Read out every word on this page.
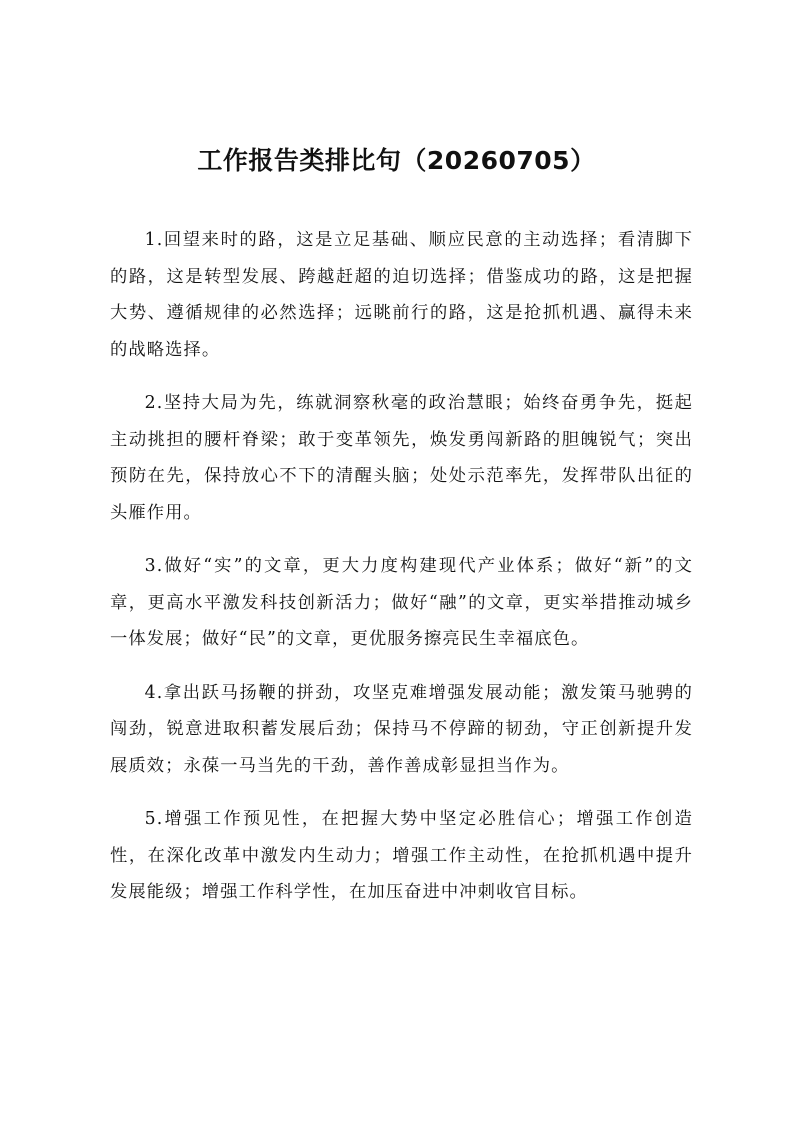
工作报告类排比句（20260705）

1.回望来时的路，这是立足基础、顺应民意的主动选择；看清脚下的路，这是转型发展、跨越赶超的迫切选择；借鉴成功的路，这是把握大势、遵循规律的必然选择；远眺前行的路，这是抢抓机遇、赢得未来的战略选择。

2.坚持大局为先，练就洞察秋毫的政治慧眼；始终奋勇争先，挺起主动挑担的腰杆脊梁；敢于变革领先，焕发勇闯新路的胆魄锐气；突出预防在先，保持放心不下的清醒头脑；处处示范率先，发挥带队出征的头雁作用。

3.做好“实”的文章，更大力度构建现代产业体系；做好“新”的文章，更高水平激发科技创新活力；做好“融”的文章，更实举措推动城乡一体发展；做好“民”的文章，更优服务擦亮民生幸福底色。

4.拿出跃马扬鞭的拼劲，攻坚克难增强发展动能；激发策马驰骋的闯劲，锐意进取积蓄发展后劲；保持马不停蹄的韧劲，守正创新提升发展质效；永葆一马当先的干劲，善作善成彰显担当作为。

5.增强工作预见性，在把握大势中坚定必胜信心；增强工作创造性，在深化改革中激发内生动力；增强工作主动性，在抢抓机遇中提升发展能级；增强工作科学性，在加压奋进中冲刺收官目标。
